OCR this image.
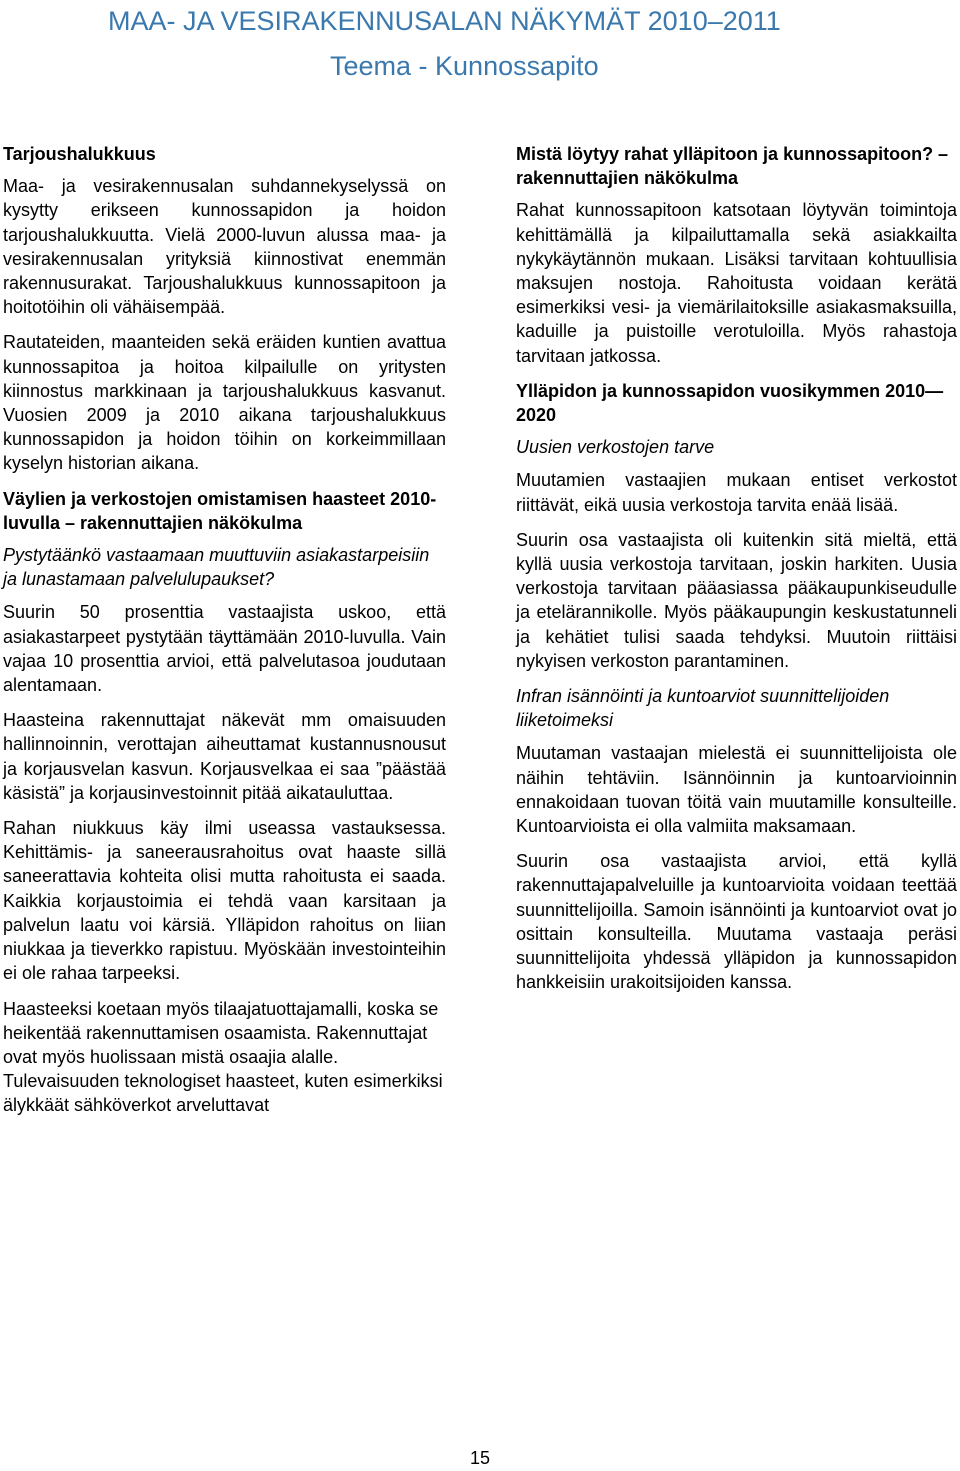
MAA- JA VESIRAKENNUSALAN NÄKYMÄT 2010–2011
Teema - Kunnossapito
Tarjoushalukkuus

Maa- ja vesirakennusalan suhdannekyselyssä on kysytty erikseen kunnossapidon ja hoidon tarjoushalukkuutta. Vielä 2000-luvun alussa maa- ja vesirakennusalan yrityksiä kiinnostivat enemmän rakennusurakat. Tarjoushalukkuus kunnossapitoon ja hoitotöihin oli vähäisempää.

Rautateiden, maanteiden sekä eräiden kuntien avattua kunnossapitoa ja hoitoa kilpailulle on yritysten kiinnostus markkinaan ja tarjoushalukkuus kasvanut. Vuosien 2009 ja 2010 aikana tarjoushalukkuus kunnossapidon ja hoidon töihin on korkeimmillaan kyselyn historian aikana.

Väylien ja verkostojen omistamisen haasteet 2010-luvulla – rakennuttajien näkökulma
Pystytäänkö vastaamaan muuttuviin asiakastarpeisiin ja lunastamaan palvelulupaukset?

Suurin 50 prosenttia vastaajista uskoo, että asiakastarpeet pystytään täyttämään 2010-luvulla. Vain vajaa 10 prosenttia arvioi, että palvelutasoa joudutaan alentamaan.

Haasteina rakennuttajat näkevät mm omaisuuden hallinnoinnin, verottajan aiheuttamat kustannusnousut ja korjausvelan kasvun. Korjausvelkaa ei saa ”päästää käsistä” ja korjausinvestoinnit pitää aikatauluttaa.

Rahan niukkuus käy ilmi useassa vastauksessa. Kehittämis- ja saneerausrahoitus ovat haaste sillä saneerattavia kohteita olisi mutta rahoitusta ei saada. Kaikkia korjaustoimia ei tehdä vaan karsitaan ja palvelun laatu voi kärsiä. Ylläpidon rahoitus on liian niukkaa ja tieverkko rapistuu. Myöskään investointeihin ei ole rahaa tarpeeksi.

Haasteeksi koetaan myös tilaajatuottajamalli, koska se heikentää rakennuttamisen osaamista. Rakennuttajat ovat myös huolissaan mistä osaajia alalle. Tulevaisuuden teknologiset haasteet, kuten esimerkiksi älykkäät sähköverkot arveluttavat

Mistä löytyy rahat ylläpitoon ja kunnossapitoon? – rakennuttajien näkökulma

Rahat kunnossapitoon katsotaan löytyvän toimintoja kehittämällä ja kilpailuttamalla sekä asiakkailta nykykäytännön mukaan. Lisäksi tarvitaan kohtuullisia maksujen nostoja. Rahoitusta voidaan kerätä esimerkiksi vesi- ja viemärilaitoksille asiakasmaksuilla, kaduille ja puistoille verotuloilla. Myös rahastoja tarvitaan jatkossa.

Ylläpidon ja kunnossapidon vuosikymmen 2010—2020
Uusien verkostojen tarve

Muutamien vastaajien mukaan entiset verkostot riittävät, eikä uusia verkostoja tarvita enää lisää.

Suurin osa vastaajista oli kuitenkin sitä mieltä, että kyllä uusia verkostoja tarvitaan, joskin harkiten. Uusia verkostoja tarvitaan pääasiassa pääkaupunkiseudulle ja etelärannikolle. Myös pääkaupungin keskustatunneli ja kehätiet tulisi saada tehdyksi. Muutoin riittäisi nykyisen verkoston parantaminen.

Infran isännöinti ja kuntoarviot suunnittelijoiden liiketoimeksi

Muutaman vastaajan mielestä ei suunnittelijoista ole näihin tehtäviin. Isännöinnin ja kuntoarvioinnin ennakoidaan tuovan töitä vain muutamille konsulteille. Kuntoarvioista ei olla valmiita maksamaan.

Suurin osa vastaajista arvioi, että kyllä rakennuttajapalveluille ja kuntoarvioita voidaan teettää suunnittelijoilla. Samoin isännöinti ja kuntoarviot ovat jo osittain konsulteilla. Muutama vastaaja peräsi suunnittelijoita yhdessä ylläpidon ja kunnossapidon hankkeisiin urakoitsijoiden kanssa.

15
